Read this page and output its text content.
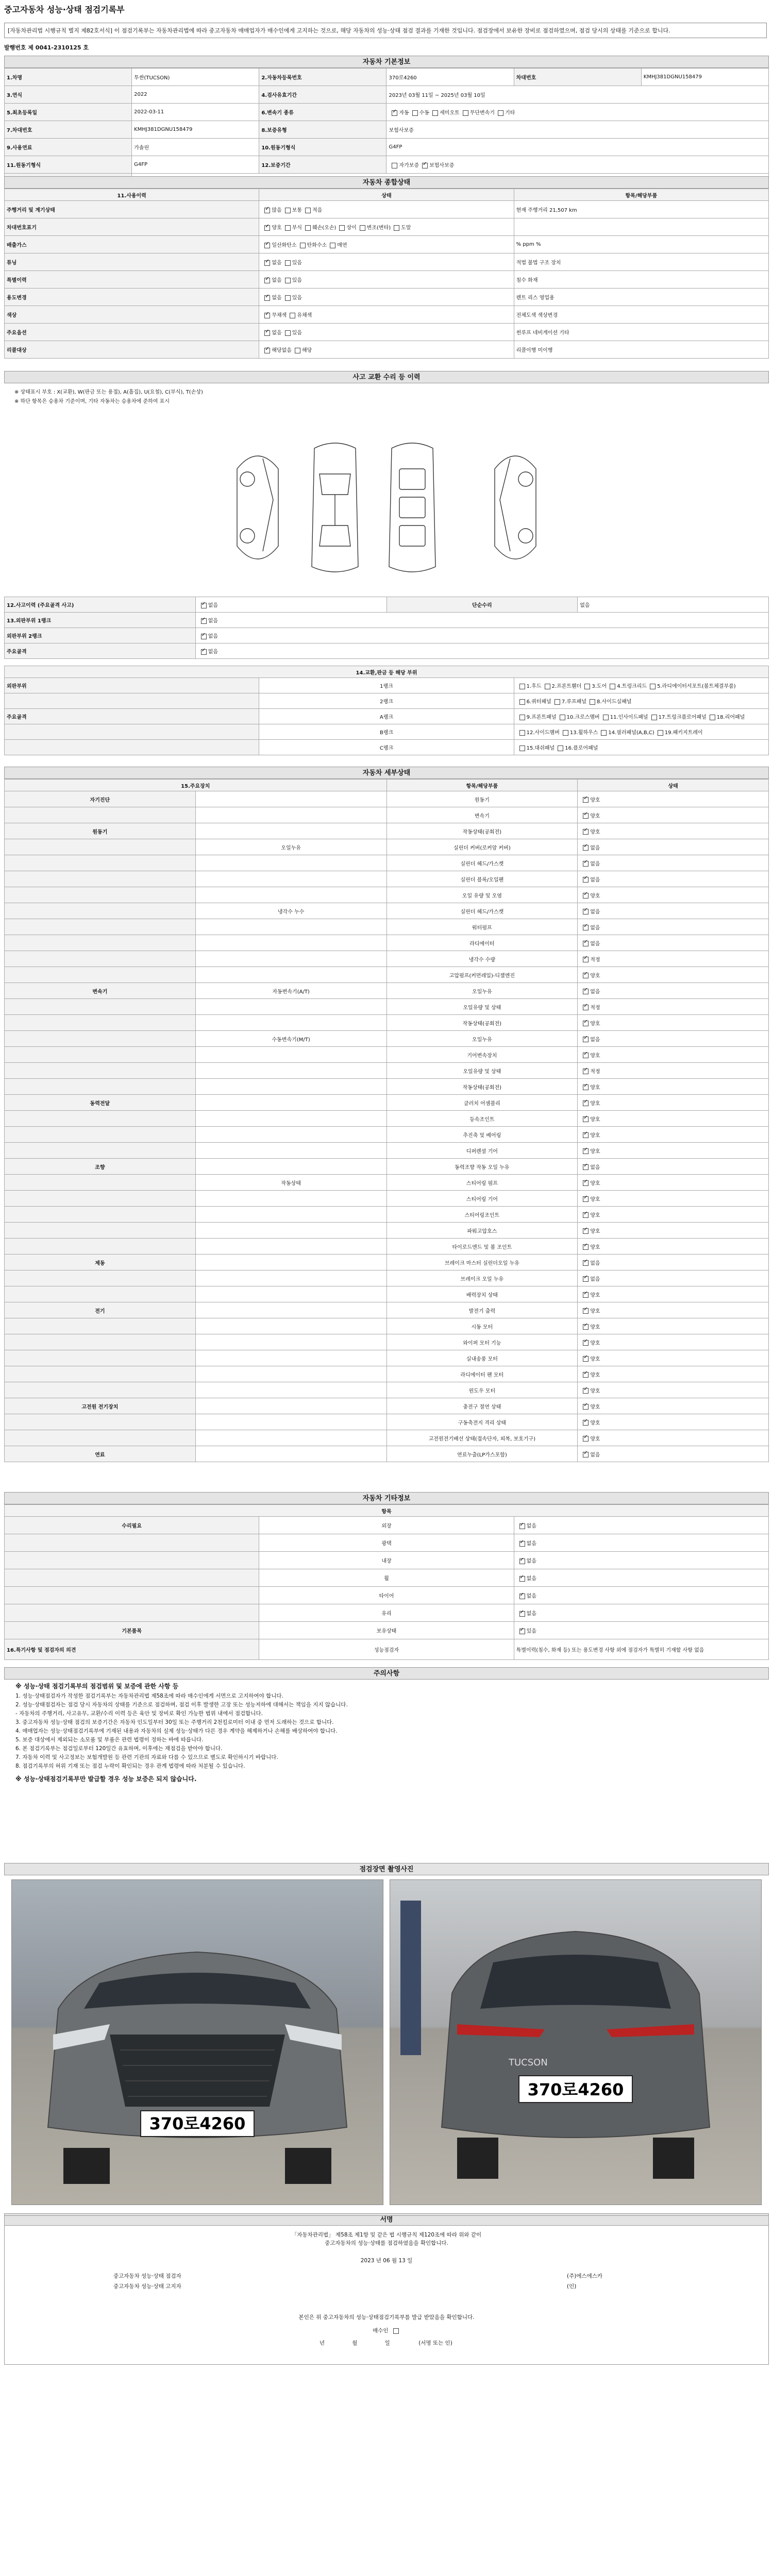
중고자동차 성능·상태 점검기록부
[자동차관리법 시행규칙 별지 제82호서식] 이 점검기록부는 자동차관리법에 따라 중고자동차 매매업자가 매수인에게 고지하는 것으로, 해당 자동차의 성능·상태 점검 결과를 기재한 것입니다. 점검장에서 보유한 장비로 점검하였으며, 점검 당시의 상태를 기준으로 합니다.
발행번호 제 0041-2310125 호
자동차 기본정보
1.차명	투싼(TUCSON)	2.자동차등록번호	370로4260	차대번호	KMHJ381DGNU158479
3.연식	2022	4.검사유효기간	2023년 03월 11일 ~ 2025년 03월 10일		
5.최초등록일	2022-03-11	6.변속기 종류	✓자동 수동 세미오토 무단변속기 기타
7.차대번호	KMHJ381DGNU158479	8.보증유형	보험사보증		
9.사용연료	가솔린	10.원동기형식	G4FP		
11.원동기형식	G4FP	12.보증기간	자가보증 ✓ 보험사보증
	✓
자동차 종합상태
11.사용이력	상태	항목/해당부품
주행거리 및 계기상태	✓많음 보통 적음	현재 주행거리 21,507 km
차대번호표기	✓양호 부식 훼손(오손) 상이 변조(변타) 도말	
배출가스	✓일산화탄소 탄화수소 매연	% ppm %
튜닝	✓없음 있음	적법 불법 구조 장치
특별이력	✓없음 있음	침수 화재
용도변경	✓없음 있음	렌트 리스 영업용
색상	✓무채색 유채색	전체도색 색상변경
주요옵션	✓없음 있음	썬루프 네비게이션 기타
리콜대상	✓해당없음 해당	리콜이행 미이행
사고 교환 수리 등 이력
※ 상태표시 부호 : X(교환), W(판금 또는 용접), A(흠집), U(요철), C(부식), T(손상)
※ 하단 항목은 승용차 기준이며, 기타 자동차는 승용차에 준하여 표시
12.사고이력 (주요골격 사고)	✓없음	단순수리	없음
13.외판부위 1랭크	✓없음
외판부위 2랭크	✓없음
주요골격	✓없음
14.교환,판금 등 해당 부위		
외판부위	1랭크	1.후드 2.프론트휀더 3.도어 4.트렁크리드 5.라디에이터서포트(볼트체결부품)
	2랭크	6.쿼터패널 7.루프패널 8.사이드실패널
주요골격	A랭크	9.프론트패널 10.크로스멤버 11.인사이드패널 17.트렁크플로어패널 18.리어패널
	B랭크	12.사이드멤버 13.휠하우스 14.필러패널(A,B,C) 19.패키지트레이
	C랭크	15.대쉬패널 16.플로어패널
자동차 세부상태
15.주요장치		항목/해당부품	상태
자기진단		원동기	✓양호
		변속기	✓양호
원동기		작동상태(공회전)	✓양호
	오일누유	실린더 커버(로커암 커버)	✓없음
		실린더 헤드/가스켓	✓없음
		실린더 블록/오일팬	✓없음
		오일 유량 및 오염	✓양호
	냉각수 누수	실린더 헤드/가스켓	✓없음
		워터펌프	✓없음
		라디에이터	✓없음
		냉각수 수량	✓적정
		고압펌프(커먼레일)-디젤엔진	✓양호
변속기	자동변속기(A/T)	오일누유	✓없음
		오일유량 및 상태	✓적정
		작동상태(공회전)	✓양호
	수동변속기(M/T)	오일누유	✓없음
		기어변속장치	✓양호
		오일유량 및 상태	✓적정
		작동상태(공회전)	✓양호
동력전달		클러치 어셈블리	✓양호
		등속조인트	✓양호
		추진축 및 베어링	✓양호
		디퍼렌셜 기어	✓양호
조향		동력조향 작동 오일 누유	✓없음
	작동상태	스티어링 펌프	✓양호
		스티어링 기어	✓양호
		스티어링조인트	✓양호
		파워고압호스	✓양호
		타이로드엔드 및 볼 조인트	✓양호
제동		브레이크 마스터 실린더오일 누유	✓없음
		브레이크 오일 누유	✓없음
		배력장치 상태	✓양호
전기		발전기 출력	✓양호
		시동 모터	✓양호
		와이퍼 모터 기능	✓양호
		실내송풍 모터	✓양호
		라디에이터 팬 모터	✓양호
		윈도우 모터	✓양호
고전원 전기장치		충전구 절연 상태	✓양호
		구동축전지 격리 상태	✓양호
		고전원전기배선 상태(접속단자, 피복, 보호기구)	✓양호
연료		연료누출(LP가스포함)	✓없음
자동차 기타정보
항목		
수리필요	외장	✓없음
	광택	✓없음
	내장	✓없음
	휠	✓없음
	타이어	✓없음
	유리	✓없음
기본품목	보유상태	✓있음
16.특기사항 및 점검자의 의견	성능점검자	특별이력(침수, 화재 등) 또는 용도변경 사항 외에 점검자가 특별히 기재할 사항 없음
주의사항

※ 성능·상태 점검기록부의 점검범위 및 보증에 관한 사항 등

1. 성능·상태점검자가 작성한 점검기록부는 자동차관리법 제58조에 따라 매수인에게 서면으로 고지하여야 합니다.

2. 성능·상태점검자는 점검 당시 자동차의 상태를 기준으로 점검하며, 점검 이후 발생한 고장 또는 성능저하에 대해서는 책임을 지지 않습니다.

- 자동차의 주행거리, 사고유무, 교환/수리 이력 등은 육안 및 장비로 확인 가능한 범위 내에서 점검합니다.

3. 중고자동차 성능·상태 점검의 보증기간은 자동차 인도일부터 30일 또는 주행거리 2천킬로미터 이내 중 먼저 도래하는 것으로 합니다.

4. 매매업자는 성능·상태점검기록부에 기재된 내용과 자동차의 실제 성능·상태가 다른 경우 계약을 해제하거나 손해를 배상하여야 합니다.

5. 보증 대상에서 제외되는 소모품 및 부품은 관련 법령이 정하는 바에 따릅니다.

6. 본 점검기록부는 점검일로부터 120일간 유효하며, 이후에는 재점검을 받아야 합니다.

7. 자동차 이력 및 사고정보는 보험개발원 등 관련 기관의 자료와 다를 수 있으므로 별도로 확인하시기 바랍니다.

8. 점검기록부의 허위 기재 또는 점검 누락이 확인되는 경우 관계 법령에 따라 처분될 수 있습니다.

※ 성능·상태점검기록부만 발급할 경우 성능 보증은 되지 않습니다.

점검장면 촬영사진
370로4260
TUCSON
370로4260
서명
「자동차관리법」 제58조 제1항 및 같은 법 시행규칙 제120조에 따라 위와 같이
중고자동차의 성능·상태를 점검하였음을 확인합니다.
2023 년 06 월 13 일
중고자동차 성능·상태 점검자	(주)에스에스카
중고자동차 성능·상태 고지자	(인)
본인은 위 중고자동차의 성능·상태점검기록부를 발급 받았음을 확인합니다.
매수인
년	월	일	(서명 또는 인)
